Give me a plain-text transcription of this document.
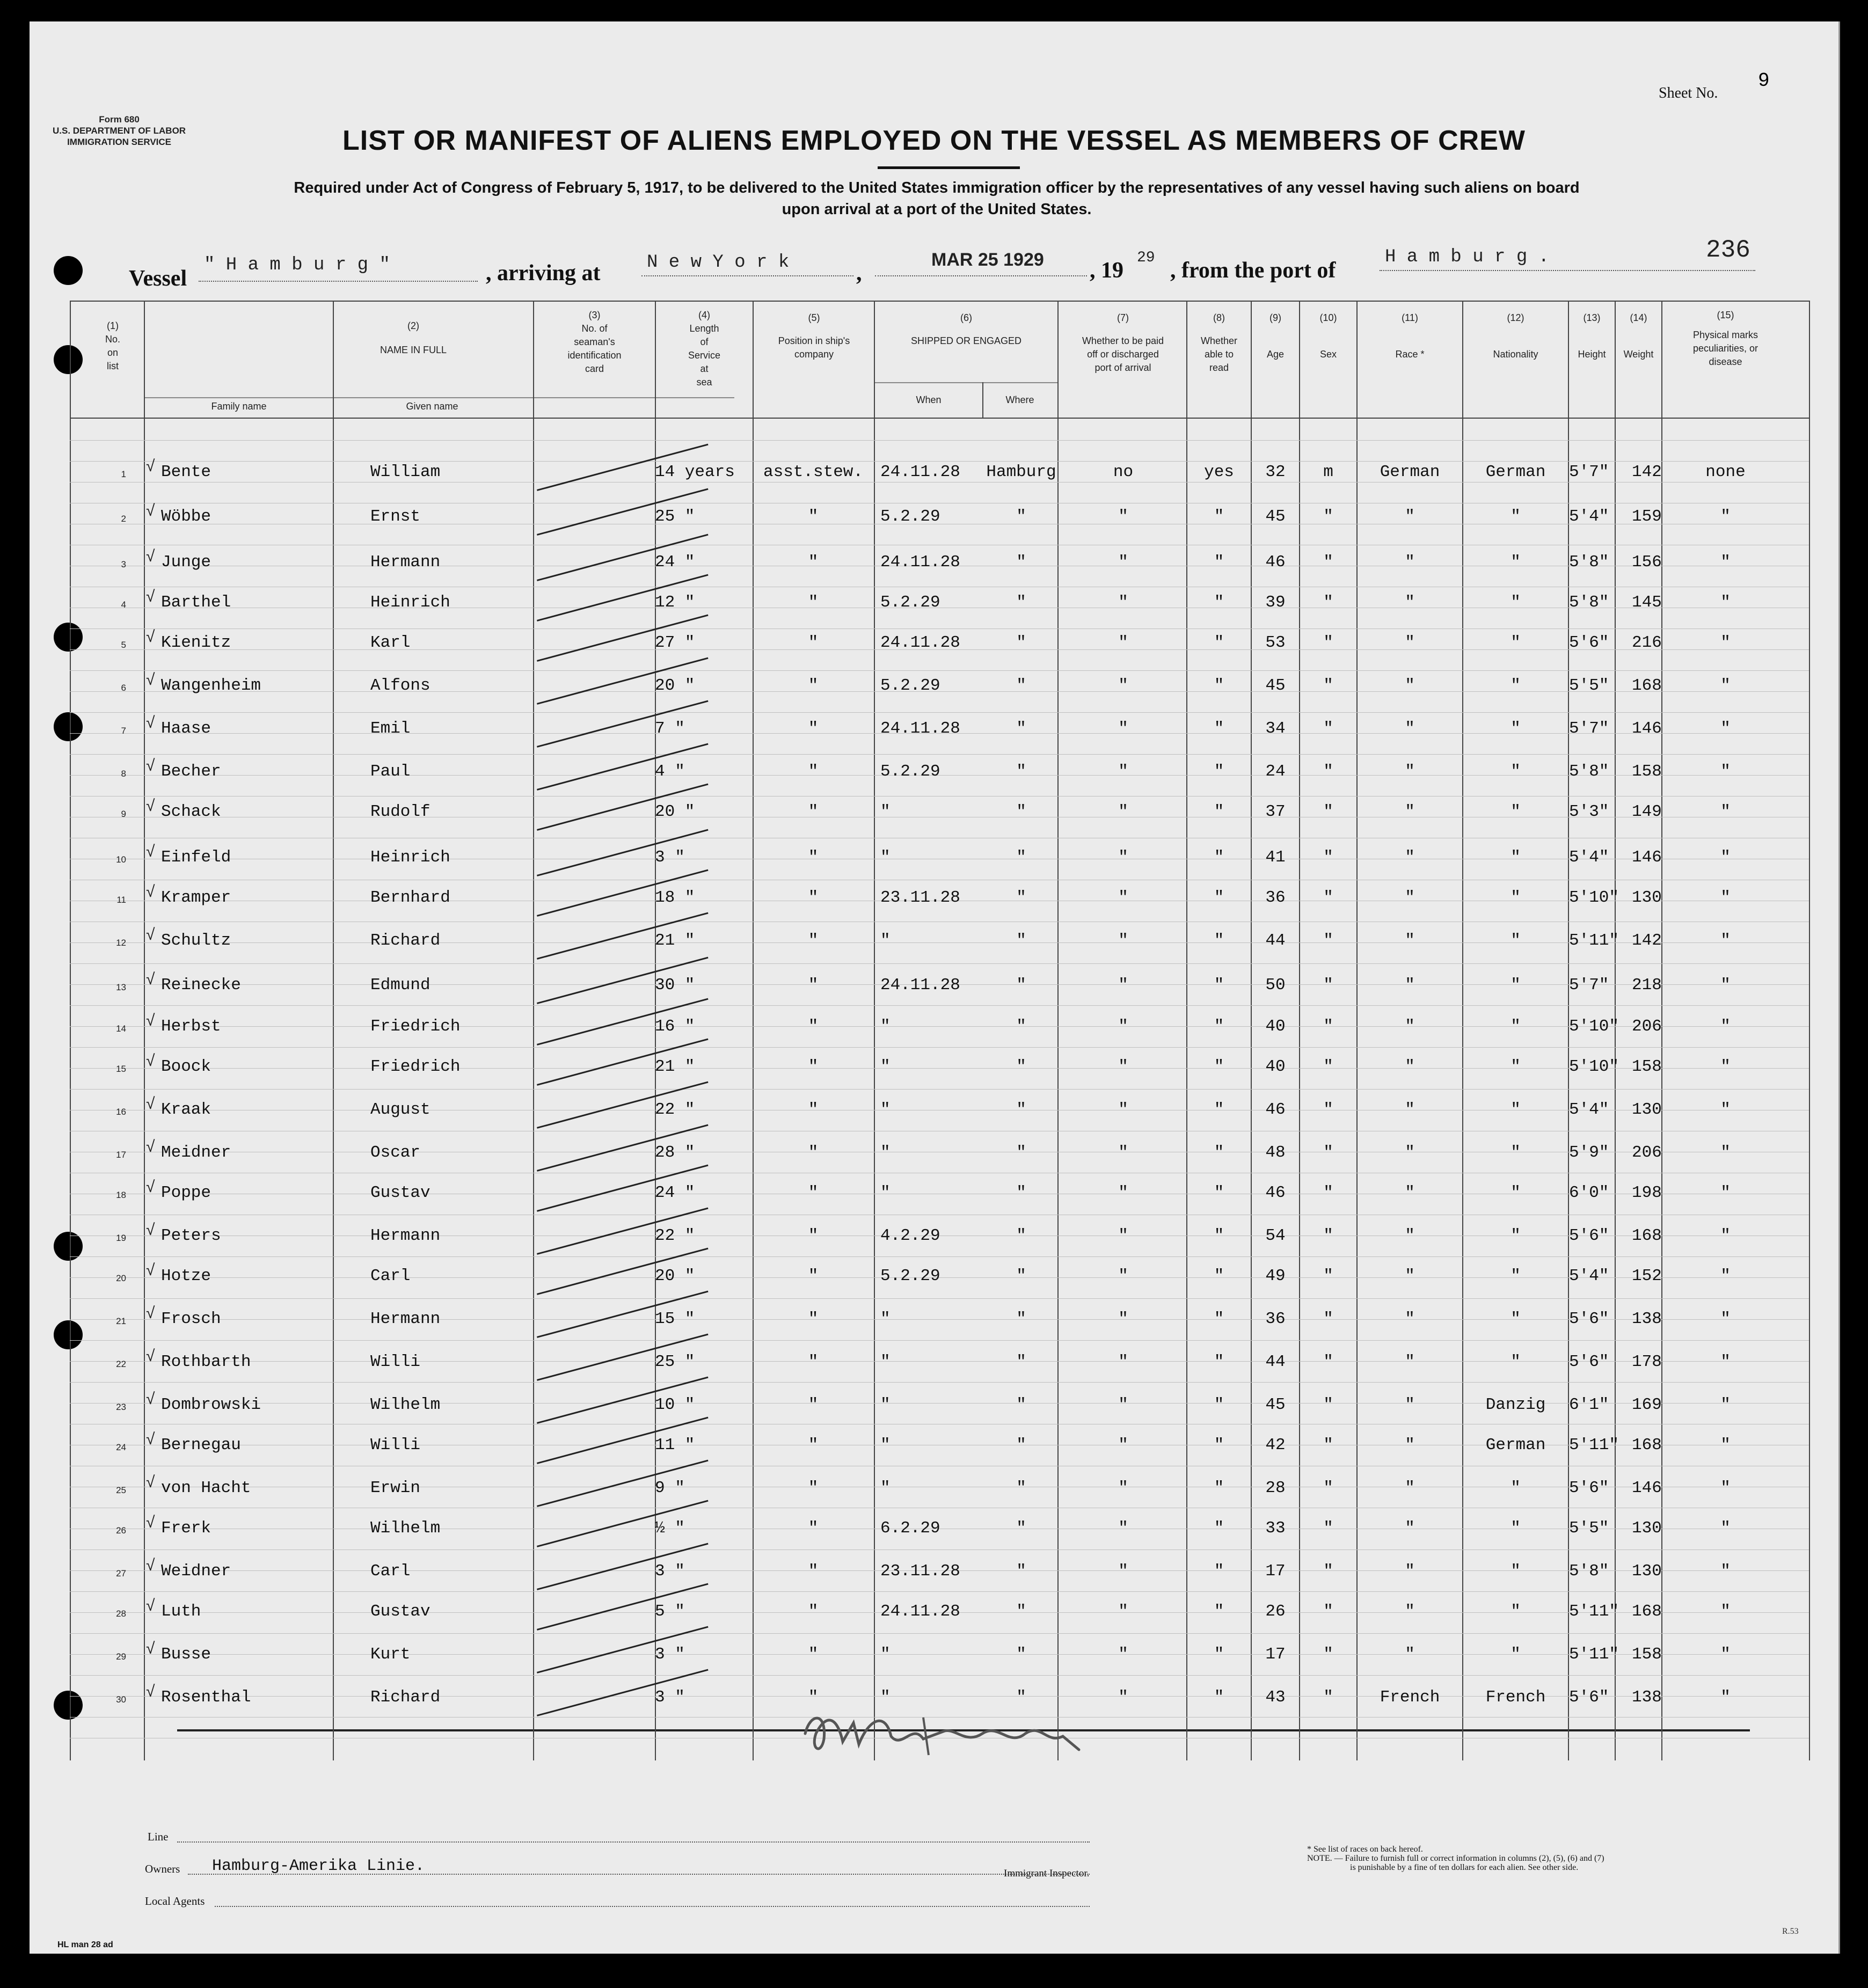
Form 680
U.S. DEPARTMENT OF LABOR
IMMIGRATION SERVICE
Sheet No.
9
LIST OR MANIFEST OF ALIENS EMPLOYED ON THE VESSEL AS MEMBERS OF CREW
Required under Act of Congress of February 5, 1917, to be delivered to the United States immigration officer by the representatives of any vessel having such aliens on board
upon arrival at a port of the United States.
236
Vessel
" H a m b u r g "	, arriving at	N e w Y o r k	,
MAR 25 1929 , 19
29
, from the port of
H a m b u r g .
(1)
No.
on
list
(2)
NAME IN FULL
Family name	Given name
(3)
No. of
seaman's
identification
card
(4)
Length
of
Service
at
sea
(5)
Position in ship's
company
(6)
SHIPPED OR ENGAGED
When	Where
(7)
Whether to be paid
off or discharged
port of arrival
(8)
Whether
able to
read
(9)
Age
(10)
Sex
(11)
Race *
(12)
Nationality
(13)
Height
(14)
Weight
(15)
Physical marks
peculiarities, or
disease
1 √ Bente	William	14 years	asst.stew.	24.11.28 Hamburg	no	yes	32	m	German	German	5'7" 142	none
2 √ Wöbbe	Ernst	25 "	"	5.2.29	"	"	"	45	"	"	"	5'4" 159	"
3 √ Junge	Hermann	24 "	"	24.11.28	"	"	"	46	"	"	"	5'8" 156	"
4 √ Barthel	Heinrich	12 "	"	5.2.29	"	"	"	39	"	"	"	5'8" 145	"
5 √ Kienitz	Karl	27 "	"	24.11.28	"	"	"	53	"	"	"	5'6" 216	"
6 √ Wangenheim	Alfons	20 "	"	5.2.29	"	"	"	45	"	"	"	5'5" 168	"
7 √ Haase	Emil	7 "	"	24.11.28	"	"	"	34	"	"	"	5'7" 146	"
8 √ Becher	Paul	4 "	"	5.2.29	"	"	"	24	"	"	"	5'8" 158	"
9 √ Schack	Rudolf	20 "	"	"	"	"	"	37	"	"	"	5'3" 149	"
10 √ Einfeld	Heinrich	3 "	"	"	"	"	"	41	"	"	"	5'4" 146	"
11 √ Kramper	Bernhard	18 "	"	23.11.28	"	"	"	36	"	"	"	5'10" 130	"
12 √ Schultz	Richard	21 "	"	"	"	"	"	44	"	"	"	5'11" 142	"
13 √ Reinecke	Edmund	30 "	"	24.11.28	"	"	"	50	"	"	"	5'7" 218	"
14 √ Herbst	Friedrich	16 "	"	"	"	"	"	40	"	"	"	5'10" 206	"
15 √ Boock	Friedrich	21 "	"	"	"	"	"	40	"	"	"	5'10" 158	"
16 √ Kraak	August	22 "	"	"	"	"	"	46	"	"	"	5'4" 130	"
17 √ Meidner	Oscar	28 "	"	"	"	"	"	48	"	"	"	5'9" 206	"
18 √ Poppe	Gustav	24 "	"	"	"	"	"	46	"	"	"	6'0" 198	"
19 √ Peters	Hermann	22 "	"	4.2.29	"	"	"	54	"	"	"	5'6" 168	"
20 √ Hotze	Carl	20 "	"	5.2.29	"	"	"	49	"	"	"	5'4" 152	"
21 √ Frosch	Hermann	15 "	"	"	"	"	"	36	"	"	"	5'6" 138	"
22 √ Rothbarth	Willi	25 "	"	"	"	"	"	44	"	"	"	5'6" 178	"
23 √ Dombrowski	Wilhelm	10 "	"	"	"	"	"	45	"	"	Danzig	6'1" 169	"
24 √ Bernegau	Willi	11 "	"	"	"	"	"	42	"	"	German	5'11" 168	"
25 √ von Hacht	Erwin	9 "	"	"	"	"	"	28	"	"	"	5'6" 146	"
26 √ Frerk	Wilhelm	½ "	"	6.2.29	"	"	"	33	"	"	"	5'5" 130	"
27 √ Weidner	Carl	3 "	"	23.11.28	"	"	"	17	"	"	"	5'8" 130	"
28 √ Luth	Gustav	5 "	"	24.11.28	"	"	"	26	"	"	"	5'11" 168	"
29 √ Busse	Kurt	3 "	"	"	"	"	"	17	"	"	"	5'11" 158	"
30 √ Rosenthal	Richard	3 "	"	"	"	"	"	43	"	French	French	5'6" 138	"
Line
Owners Hamburg-Amerika Linie.
Local Agents
Immigrant Inspector.
* See list of races on back hereof.
NOTE. — Failure to furnish full or correct information in columns (2), (5), (6) and (7)
is punishable by a fine of ten dollars for each alien. See other side.
HL man 28 ad
R.53
